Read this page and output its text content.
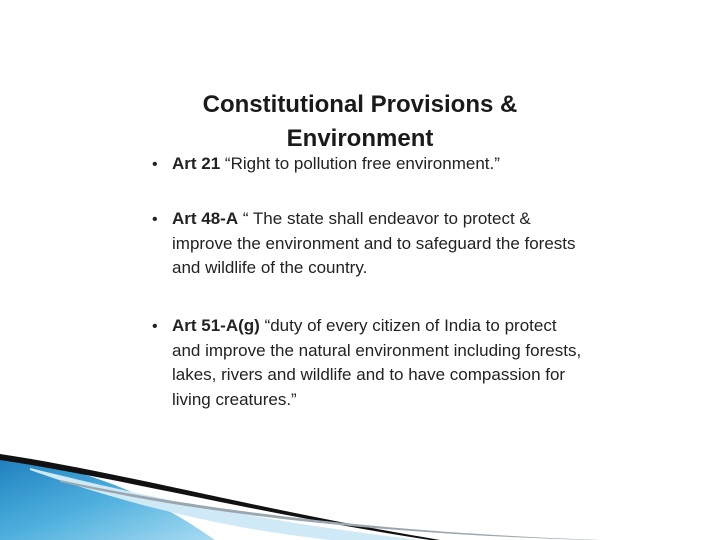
Constitutional Provisions & Environment
• Art 21 “Right to pollution free environment.”
• Art 48-A “ The state shall endeavor to protect & improve the environment and to safeguard the forests and wildlife of the country.
• Art 51-A(g) “duty of every citizen of India to protect and improve the natural environment including forests, lakes, rivers and wildlife and to have compassion for living creatures.”
